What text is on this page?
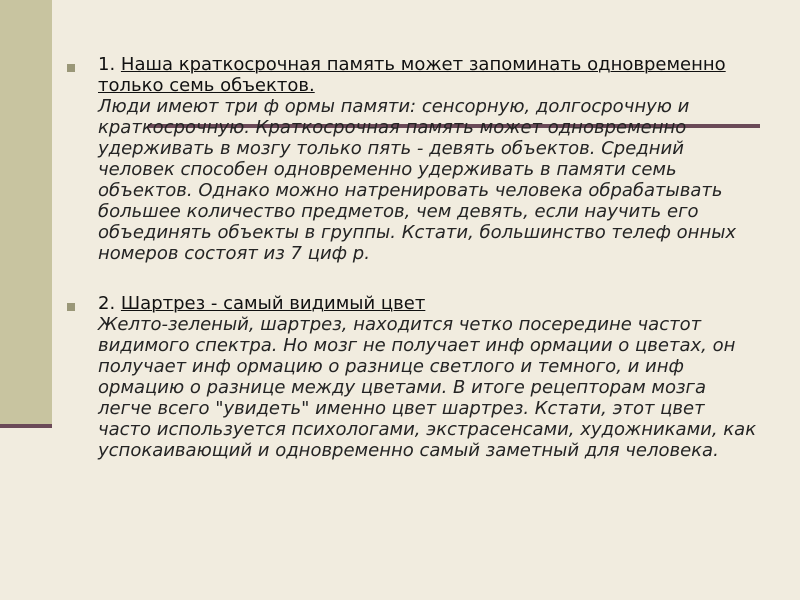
1. Наша краткосрочная память может запоминать одновременно только семь объектов.
Люди имеют три ф ормы памяти: сенсорную, долгосрочную и краткосрочную. Краткосрочная память может одновременно удерживать в мозгу только пять - девять объектов. Средний человек способен одновременно удерживать в памяти семь объектов. Однако можно натренировать человека обрабатывать большее количество предметов, чем девять, если научить его объединять объекты в группы. Кстати, большинство телеф онных номеров состоят из 7 циф р.
2. Шартрез - самый видимый цвет
Желто-зеленый, шартрез, находится четко посередине частот видимого спектра. Но мозг не получает инф ормации о цветах, он получает инф ормацию о разнице светлого и темного, и инф ормацию о разнице между цветами. В итоге рецепторам мозга легче всего "увидеть" именно цвет шартрез. Кстати, этот цвет часто используется психологами, экстрасенсами, художниками, как успокаивающий и одновременно самый заметный для человека.
